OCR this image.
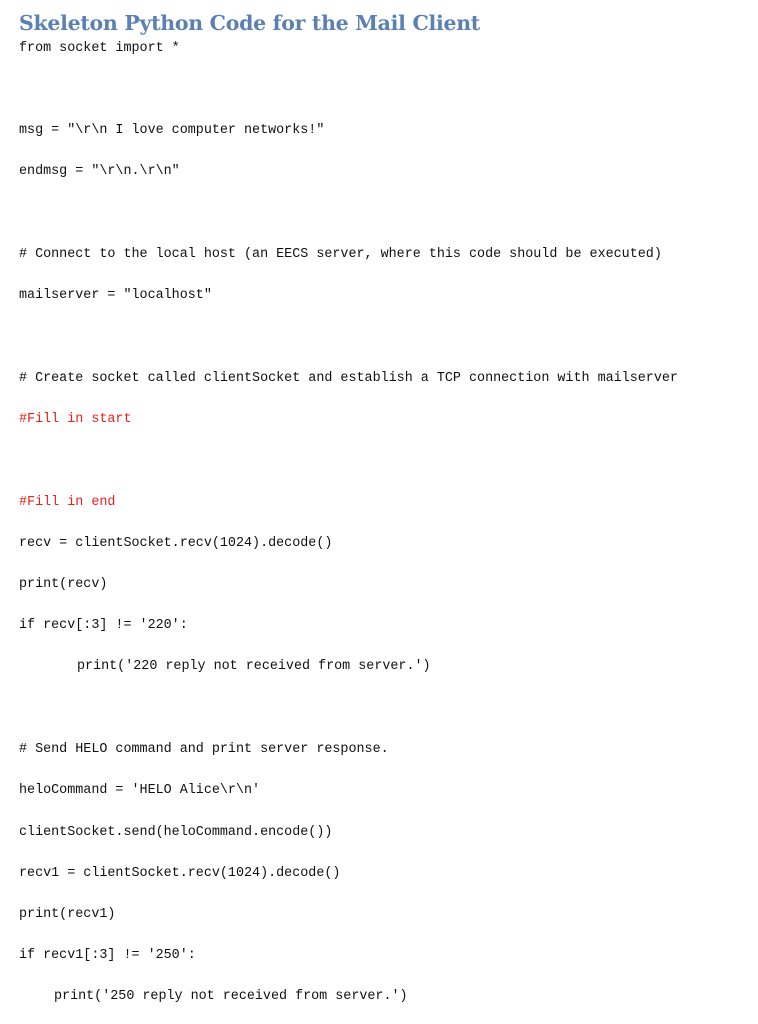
Skeleton Python Code for the Mail Client
from socket import *
msg = "\r\n I love computer networks!"
endmsg = "\r\n.\r\n"
# Connect to the local host (an EECS server, where this code should be executed)
mailserver = "localhost"
# Create socket called clientSocket and establish a TCP connection with mailserver
#Fill in start
#Fill in end
recv = clientSocket.recv(1024).decode()
print(recv)
if recv[:3] != '220':
print('220 reply not received from server.')
# Send HELO command and print server response.
heloCommand = 'HELO Alice\r\n'
clientSocket.send(heloCommand.encode())
recv1 = clientSocket.recv(1024).decode()
print(recv1)
if recv1[:3] != '250':
print('250 reply not received from server.')
